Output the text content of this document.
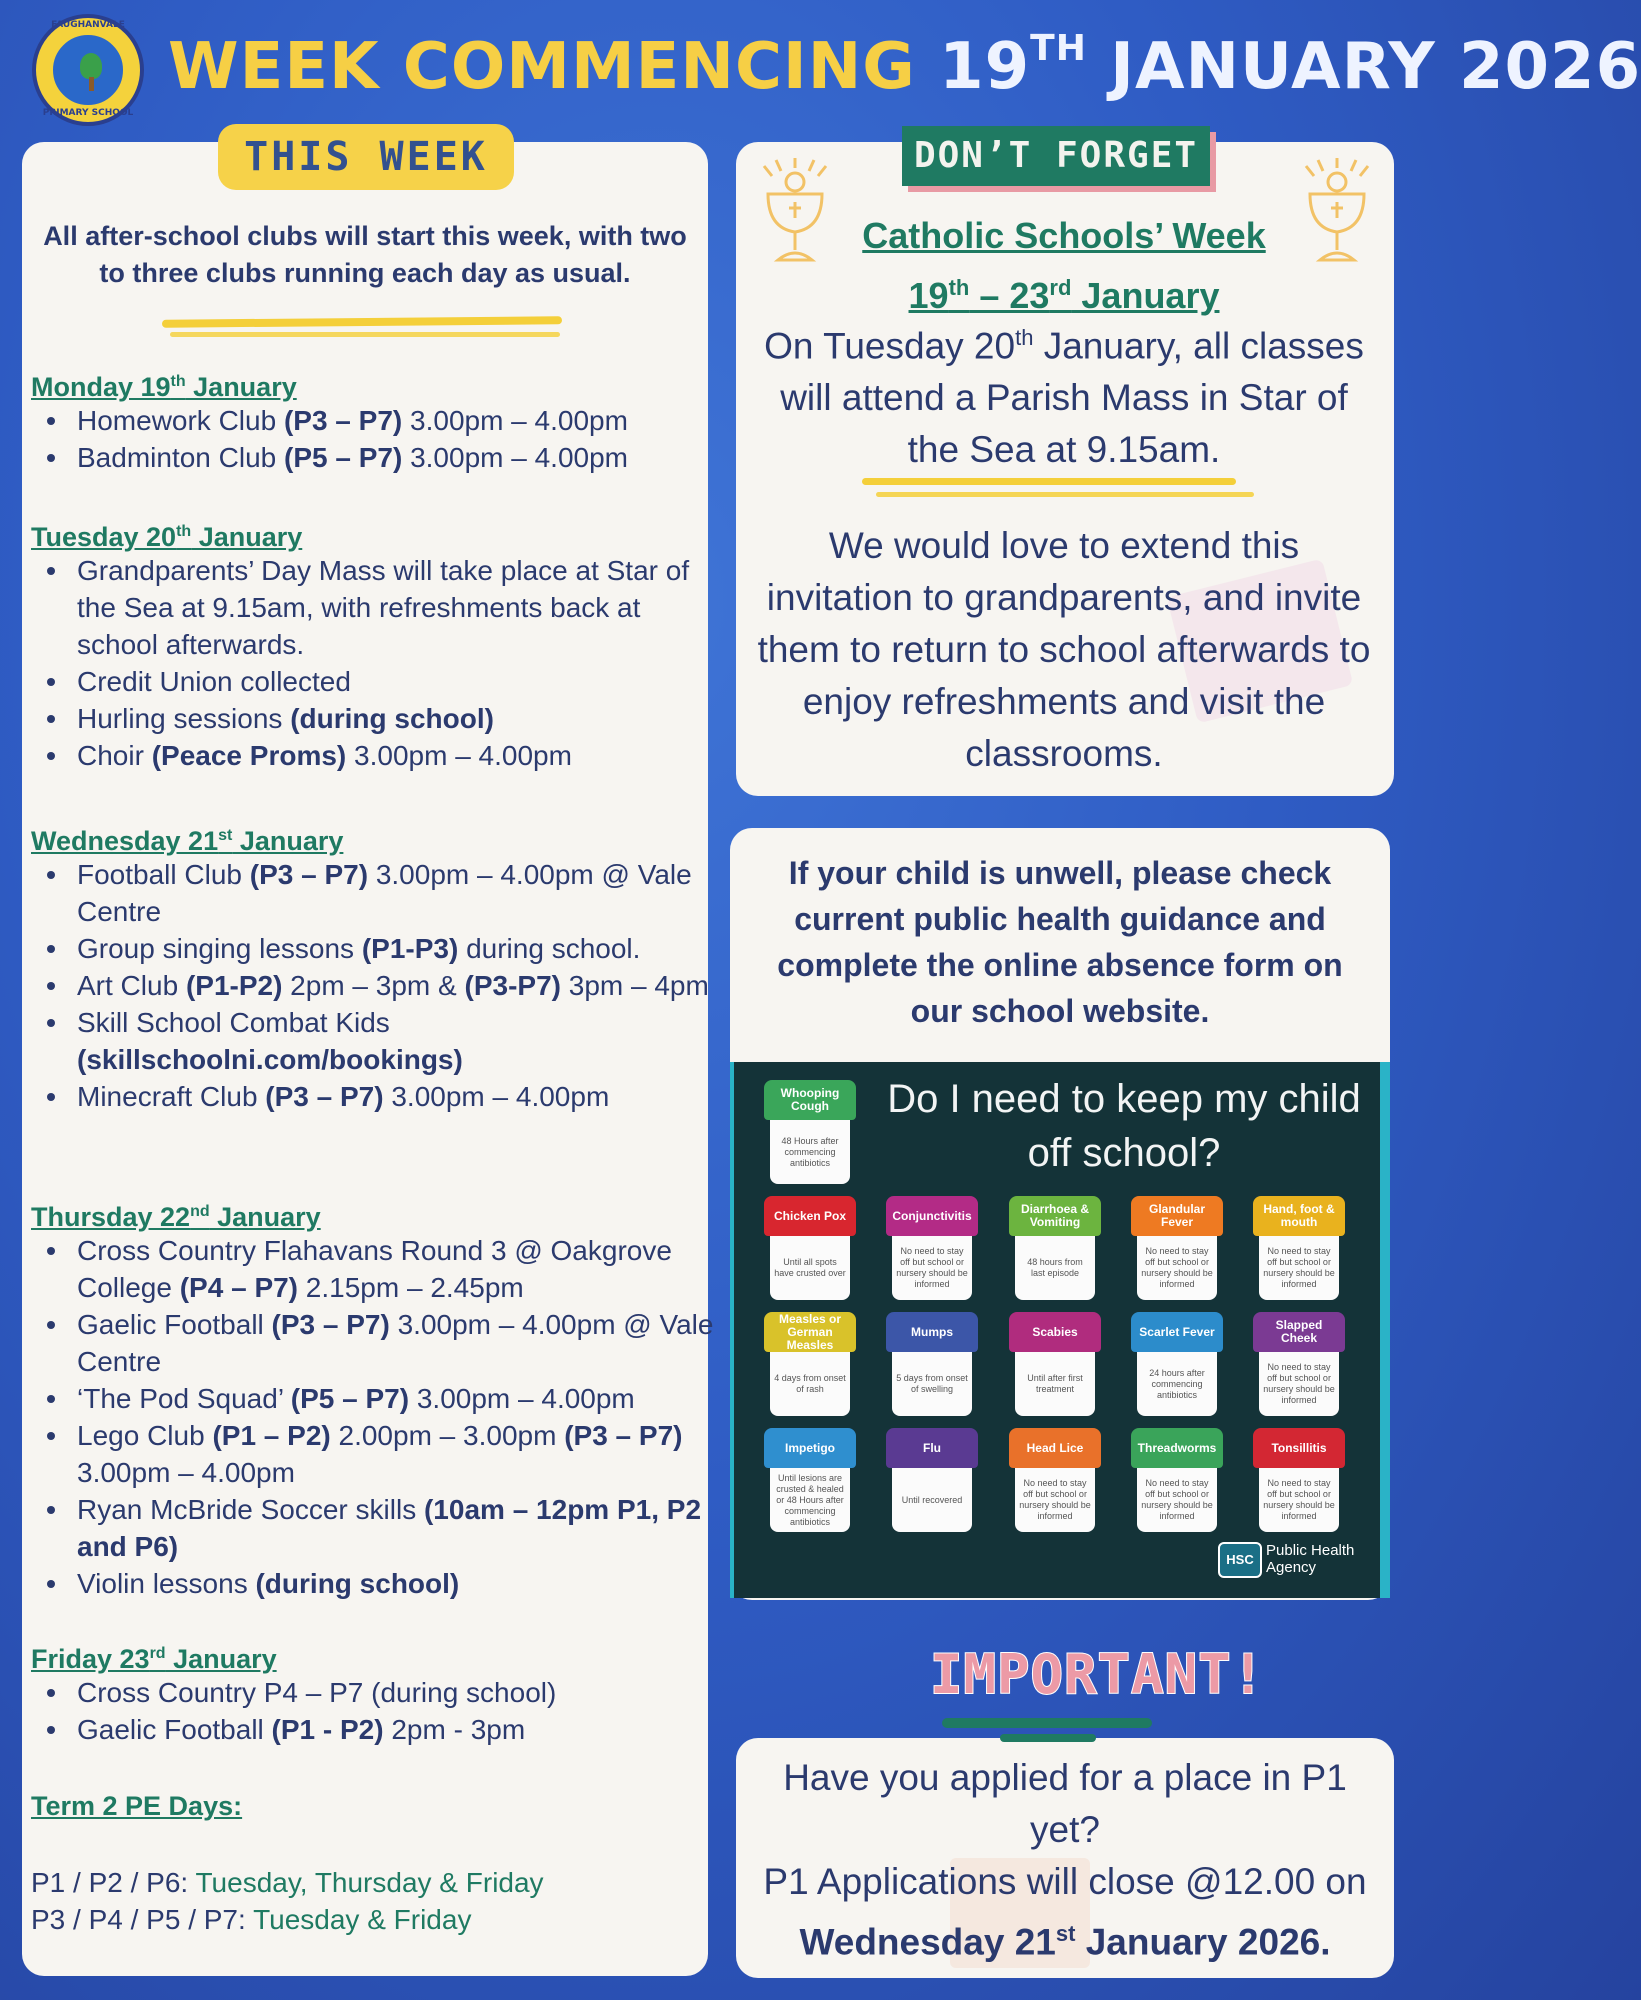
FAUGHANVALE
PRIMARY SCHOOL
WEEK COMMENCING 19TH JANUARY 2026
THIS WEEK
All after-school clubs will start this week, with two to three clubs running each day as usual.
Monday 19th January
Homework Club (P3 – P7) 3.00pm – 4.00pm
Badminton Club (P5 – P7) 3.00pm – 4.00pm
Tuesday 20th January
Grandparents’ Day Mass will take place at Star of the Sea at 9.15am, with refreshments back at school afterwards.
Credit Union collected
Hurling sessions (during school)
Choir (Peace Proms) 3.00pm – 4.00pm
Wednesday 21st January
Football Club (P3 – P7) 3.00pm – 4.00pm @ Vale Centre
Group singing lessons (P1-P3) during school.
Art Club (P1-P2) 2pm – 3pm & (P3-P7) 3pm – 4pm
Skill School Combat Kids (skillschoolni.com/bookings)
Minecraft Club (P3 – P7) 3.00pm – 4.00pm
Thursday 22nd January
Cross Country Flahavans Round 3 @ Oakgrove College (P4 – P7) 2.15pm – 2.45pm
Gaelic Football (P3 – P7) 3.00pm – 4.00pm @ Vale Centre
‘The Pod Squad’ (P5 – P7) 3.00pm – 4.00pm
Lego Club (P1 – P2) 2.00pm – 3.00pm (P3 – P7) 3.00pm – 4.00pm
Ryan McBride Soccer skills (10am – 12pm P1, P2 and P6)
Violin lessons (during school)
Friday 23rd January
Cross Country P4 – P7 (during school)
Gaelic Football (P1 - P2) 2pm - 3pm
Term 2 PE Days:
P1 / P2 / P6: Tuesday, Thursday & Friday
P3 / P4 / P5 / P7: Tuesday & Friday
DON’T FORGET
Catholic Schools’ Week
19th – 23rd January
On Tuesday 20th January, all classes will attend a Parish Mass in Star of the Sea at 9.15am.
We would love to extend this invitation to grandparents, and invite them to return to school afterwards to enjoy refreshments and visit the classrooms.
If your child is unwell, please check current public health guidance and complete the online absence form on our school website.
Do I need to keep my child off school?
Whooping Cough
48 Hours after commencing antibiotics
Chicken Pox
Until all spots have crusted over
Conjunctivitis
No need to stay off but school or nursery should be informed
Diarrhoea & Vomiting
48 hours from last episode
Glandular Fever
No need to stay off but school or nursery should be informed
Hand, foot & mouth
No need to stay off but school or nursery should be informed
Measles or German Measles
4 days from onset of rash
Mumps
5 days from onset of swelling
Scabies
Until after first treatment
Scarlet Fever
24 hours after commencing antibiotics
Slapped Cheek
No need to stay off but school or nursery should be informed
Impetigo
Until lesions are crusted & healed or 48 Hours after commencing antibiotics
Flu
Until recovered
Head Lice
No need to stay off but school or nursery should be informed
Threadworms
No need to stay off but school or nursery should be informed
Tonsillitis
No need to stay off but school or nursery should be informed
HSC
Public Health Agency
IMPORTANT!
Have you applied for a place in P1 yet?
P1 Applications will close @12.00 on
Wednesday 21st January 2026.
